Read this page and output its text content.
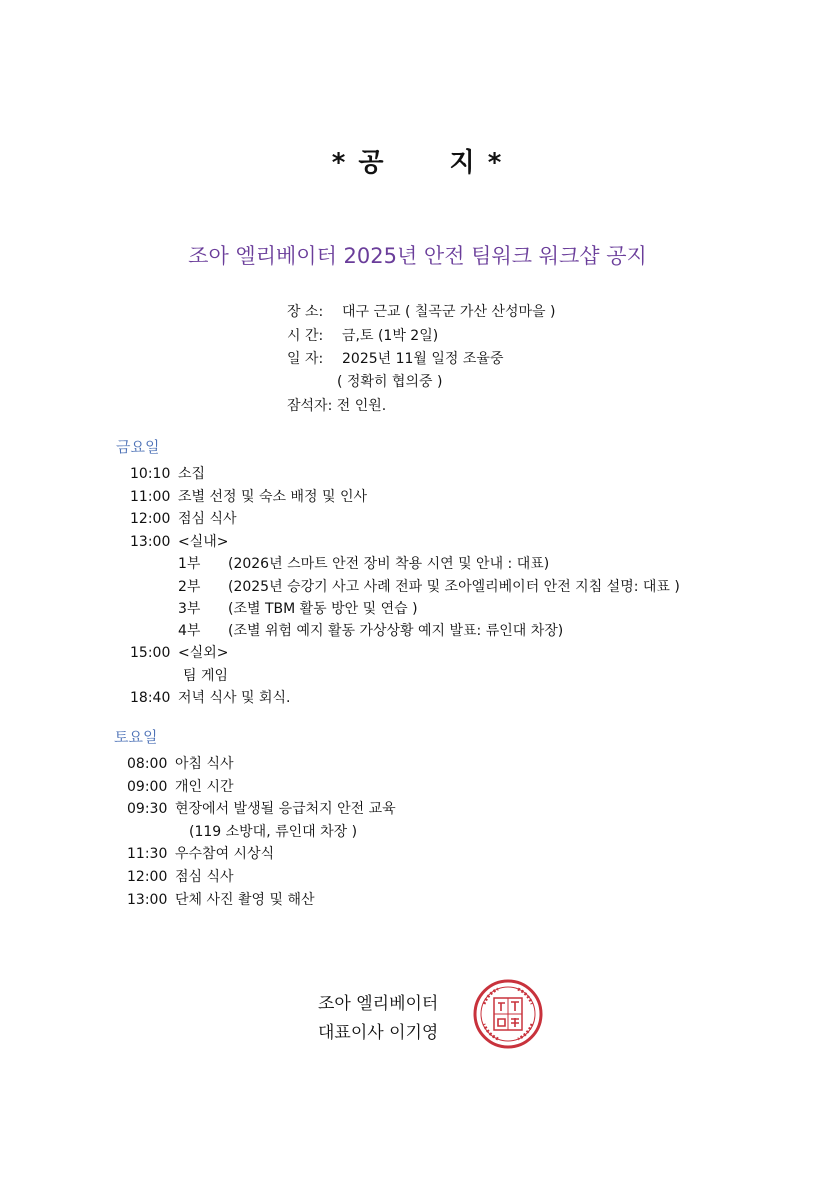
* 공 지 *
조아 엘리베이터 2025년 안전 팀워크 워크샵 공지
장 소: 대구 근교 ( 칠곡군 가산 산성마을 )
시 간: 금,토 (1박 2일)
일 자: 2025년 11월 일정 조율중
( 정확히 협의중 )
잠석자: 전 인원.
금요일
10:10 소집
11:00 조별 선정 및 숙소 배정 및 인사
12:00 점심 식사
13:00 <실내>
1부 (2026년 스마트 안전 장비 착용 시연 및 안내 : 대표)
2부 (2025년 승강기 사고 사례 전파 및 조아엘리베이터 안전 지침 설명: 대표 )
3부 (조별 TBM 활동 방안 및 연습 )
4부 (조별 위험 예지 활동 가상상황 예지 발표: 류인대 차장)
15:00 <실외>
팀 게임
18:40 저녁 식사 및 회식.
토요일
08:00 아침 식사
09:00 개인 시간
09:30 현장에서 발생될 응급처지 안전 교육
(119 소방대, 류인대 차장 )
11:30 우수참여 시상식
12:00 점심 식사
13:00 단체 사진 촬영 및 해산
조아 엘리베이터
대표이사 이기영
